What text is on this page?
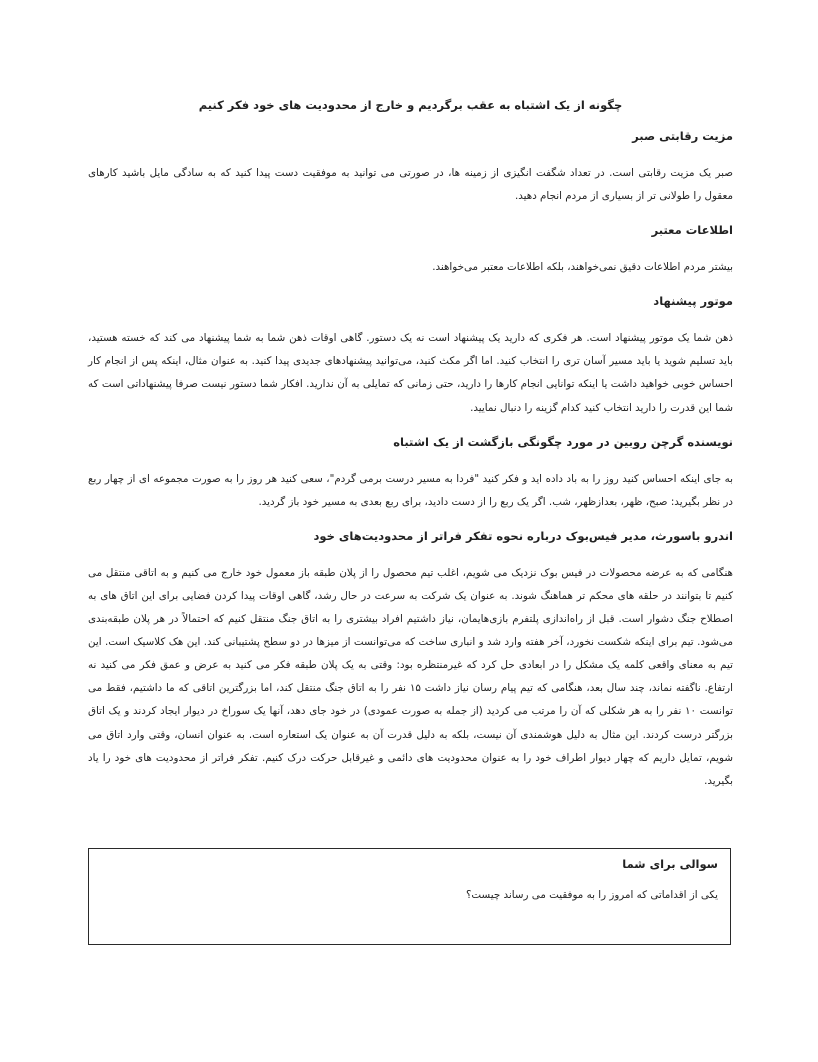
چگونه از یک اشتباه به عقب برگردیم و خارج از محدودیت های خود فکر کنیم
مزیت رقابتی صبر

صبر یک مزیت رقابتی است. در تعداد شگفت انگیزی از زمینه ها، در صورتی می توانید به موفقیت دست پیدا کنید که به سادگی مایل باشید کارهای معقول را طولانی تر از بسیاری از مردم انجام دهید.

اطلاعات معتبر

بیشتر مردم اطلاعات دقیق نمی‌خواهند، بلکه اطلاعات معتبر می‌خواهند.

موتور پیشنهاد

ذهن شما یک موتور پیشنهاد است. هر فکری که دارید یک پیشنهاد است نه یک دستور. گاهی اوقات ذهن شما به شما پیشنهاد می کند که خسته هستید، باید تسلیم شوید یا باید مسیر آسان تری را انتخاب کنید. اما اگر مکث کنید، می‌توانید پیشنهادهای جدیدی پیدا کنید. به عنوان مثال، اینکه پس از انجام کار احساس خوبی خواهید داشت یا اینکه توانایی انجام کارها را دارید، حتی زمانی که تمایلی به آن ندارید. افکار شما دستور نیست صرفا پیشنهاداتی است که شما این قدرت را دارید انتخاب کنید کدام گزینه را دنبال نمایید.

نویسنده گرچن روبین در مورد چگونگی بازگشت از یک اشتباه

به جای اینکه احساس کنید روز را به باد داده اید و فکر کنید "فردا به مسیر درست برمی گردم"، سعی کنید هر روز را به صورت مجموعه ای از چهار ربع در نظر بگیرید: صبح، ظهر، بعدازظهر، شب. اگر یک ربع را از دست دادید، برای ربع بعدی به مسیر خود باز گردید.

اندرو باسورث، مدیر فیس‌بوک درباره نحوه تفکر فراتر از محدودیت‌های خود

هنگامی که به عرضه محصولات در فیس بوک نزدیک می شویم، اغلب تیم محصول را از پلان طبقه باز معمول خود خارج می کنیم و به اتاقی منتقل می کنیم تا بتوانند در حلقه های محکم تر هماهنگ شوند. به عنوان یک شرکت به سرعت در حال رشد، گاهی اوقات پیدا کردن فضایی برای این اتاق های به اصطلاح جنگ دشوار است. قبل از راه‌اندازی پلتفرم بازی‌هایمان، نیاز داشتیم افراد بیشتری را به اتاق جنگ منتقل کنیم که احتمالاً در هر پلان طبقه‌بندی می‌شود. تیم برای اینکه شکست نخورد، آخر هفته وارد شد و انباری ساخت که می‌توانست از میزها در دو سطح پشتیبانی کند. این هک کلاسیک است. این تیم به معنای واقعی کلمه یک مشکل را در ابعادی حل کرد که غیرمنتظره بود: وقتی به یک پلان طبقه فکر می کنید به عرض و عمق فکر می کنید نه ارتفاع. ناگفته نماند، چند سال بعد، هنگامی که تیم پیام رسان نیاز داشت ۱۵ نفر را به اتاق جنگ منتقل کند، اما بزرگترین اتاقی که ما داشتیم، فقط می توانست ۱۰ نفر را به هر شکلی که آن را مرتب می کردید (از جمله به صورت عمودی) در خود جای دهد، آنها یک سوراخ در دیوار ایجاد کردند و یک اتاق بزرگتر درست کردند. این مثال به دلیل هوشمندی آن نیست، بلکه به دلیل قدرت آن به عنوان یک استعاره است. به عنوان انسان، وقتی وارد اتاق می شویم، تمایل داریم که چهار دیوار اطراف خود را به عنوان محدودیت های دائمی و غیرقابل حرکت درک کنیم. تفکر فراتر از محدودیت های خود را یاد بگیرید.

سوالی برای شما
یکی از اقداماتی که امروز را به موفقیت می رساند چیست؟
